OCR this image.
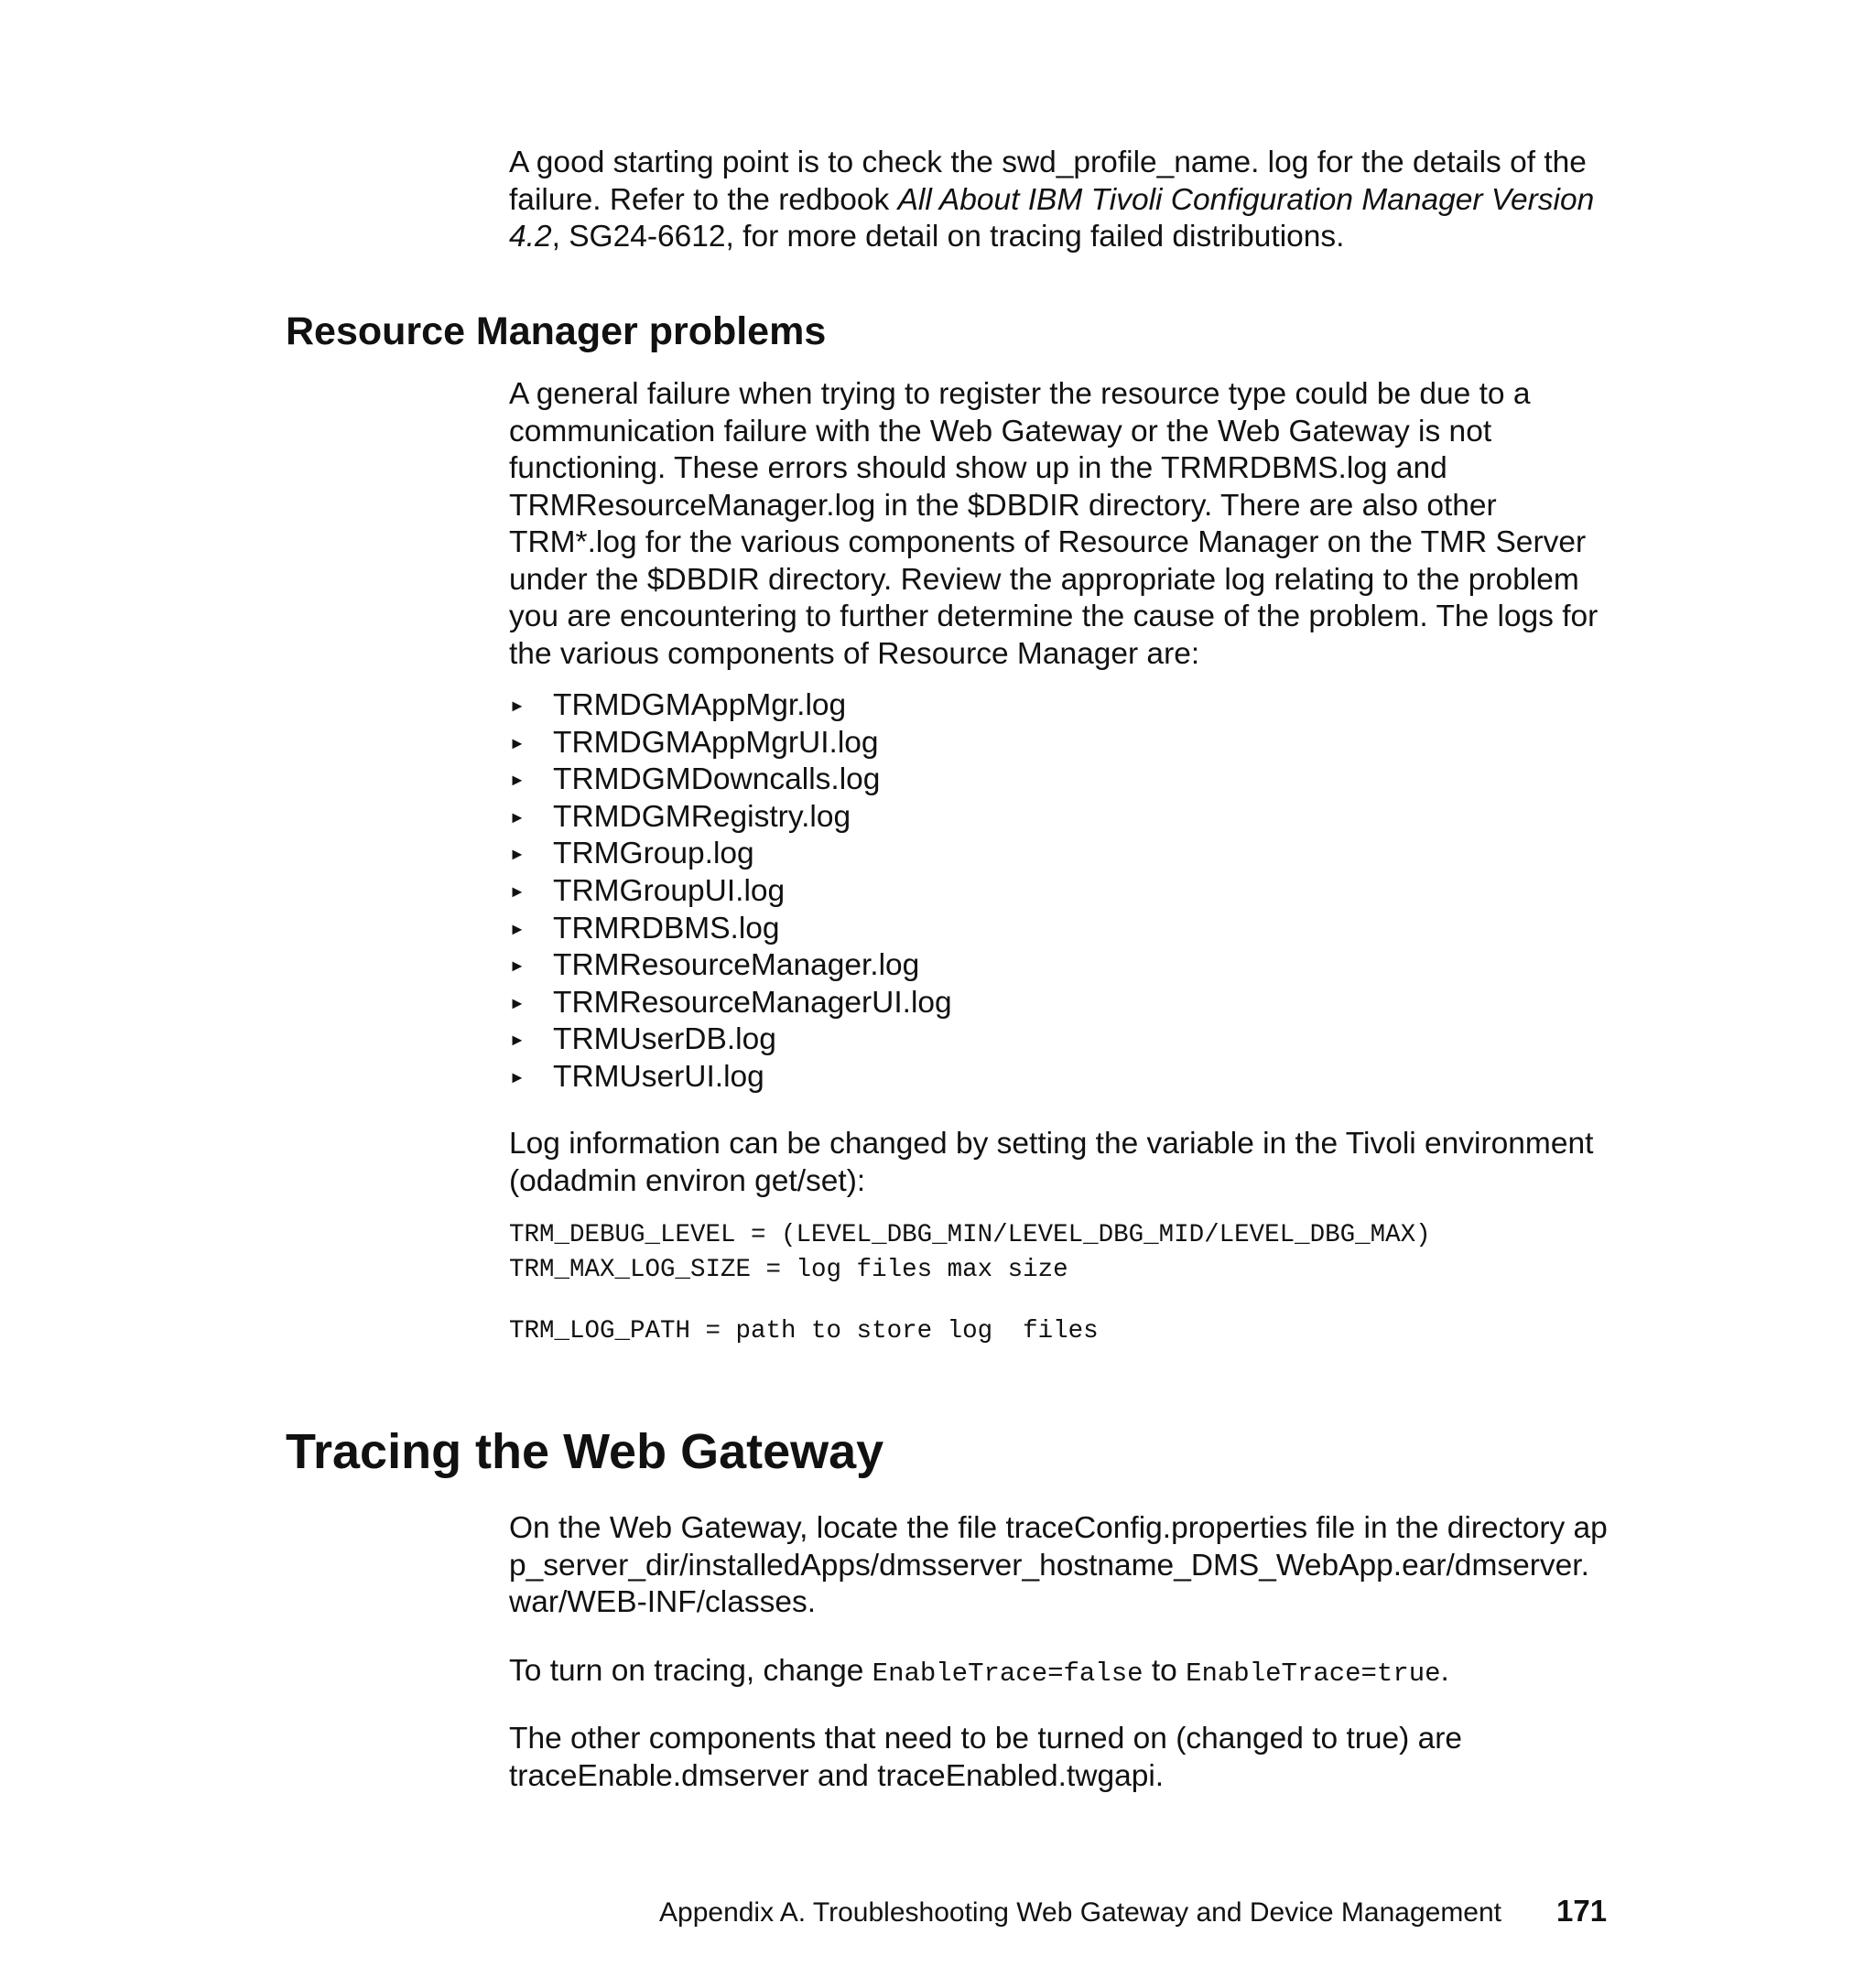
A good starting point is to check the swd_profile_name. log for the details of the failure. Refer to the redbook All About IBM Tivoli Configuration Manager Version 4.2, SG24-6612, for more detail on tracing failed distributions.
Resource Manager problems
A general failure when trying to register the resource type could be due to a communication failure with the Web Gateway or the Web Gateway is not functioning. These errors should show up in the TRMRDBMS.log and TRMResourceManager.log in the $DBDIR directory. There are also other TRM*.log for the various components of Resource Manager on the TMR Server under the $DBDIR directory. Review the appropriate log relating to the problem you are encountering to further determine the cause of the problem. The logs for the various components of Resource Manager are:
► TRMDGMAppMgr.log
► TRMDGMAppMgrUI.log
► TRMDGMDowncalls.log
► TRMDGMRegistry.log
► TRMGroup.log
► TRMGroupUI.log
► TRMRDBMS.log
► TRMResourceManager.log
► TRMResourceManagerUI.log
► TRMUserDB.log
► TRMUserUI.log
Log information can be changed by setting the variable in the Tivoli environment (odadmin environ get/set):
TRM_DEBUG_LEVEL = (LEVEL_DBG_MIN/LEVEL_DBG_MID/LEVEL_DBG_MAX)
TRM_MAX_LOG_SIZE = log files max size
TRM_LOG_PATH = path to store log  files
Tracing the Web Gateway
On the Web Gateway, locate the file traceConfig.properties file in the directory app_server_dir/installedApps/dmsserver_hostname_DMS_WebApp.ear/dmserver.war/WEB-INF/classes.
To turn on tracing, change EnableTrace=false to EnableTrace=true.
The other components that need to be turned on (changed to true) are traceEnable.dmserver and traceEnabled.twgapi.
Appendix A. Troubleshooting Web Gateway and Device Management 171
